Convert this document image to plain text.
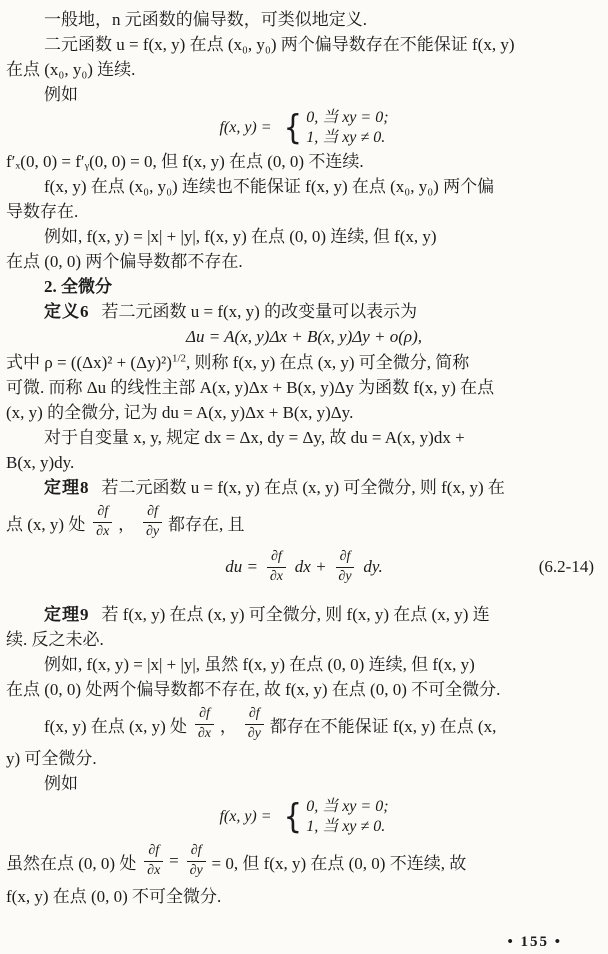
一般地，n 元函数的偏导数，可类似地定义.

二元函数 u = f(x, y) 在点 (x₀, y₀) 两个偏导数存在不能保证 f(x, y)

在点 (x₀, y₀) 连续.

例如

f(x, y) = { 0, 当 xy = 0;
1, 当 xy ≠ 0.

f′ₓ(0, 0) = f′ᵧ(0, 0) = 0, 但 f(x, y) 在点 (0, 0) 不连续.

f(x, y) 在点 (x₀, y₀) 连续也不能保证 f(x, y) 在点 (x₀, y₀) 两个偏

导数存在.

例如, f(x, y) = |x| + |y|, f(x, y) 在点 (0, 0) 连续, 但 f(x, y)

在点 (0, 0) 两个偏导数都不存在.

2. 全微分

定义6 若二元函数 u = f(x, y) 的改变量可以表示为

Δu = A(x, y)Δx + B(x, y)Δy + o(ρ),

式中 $\rho = ((\Delta x)^2 + (\Delta y)^2)^{1/2}$, 则称 f(x, y) 在点 (x, y) 可全微分, 简称

可微. 而称 Δu 的线性主部 A(x, y)Δx + B(x, y)Δy 为函数 f(x, y) 在点

(x, y) 的全微分, 记为 du = A(x, y)Δx + B(x, y)Δy.

对于自变量 x, y, 规定 dx = Δx, dy = Δy, 故 du = A(x, y)dx +

B(x, y)dy.

定理8 若二元函数 u = f(x, y) 在点 (x, y) 可全微分, 则 f(x, y) 在

点 (x, y) 处 $\frac{\partial f}{\partial x}$ ， $\frac{\partial f}{\partial y}$ 都存在, 且
du = $\frac{\partial f}{\partial x}$ dx + $\frac{\partial f}{\partial y}$ dy.	(6.2-14)

定理9 若 f(x, y) 在点 (x, y) 可全微分, 则 f(x, y) 在点 (x, y) 连

续. 反之未必.

例如, f(x, y) = |x| + |y|, 虽然 f(x, y) 在点 (0, 0) 连续, 但 f(x, y)

在点 (0, 0) 处两个偏导数都不存在, 故 f(x, y) 在点 (0, 0) 不可全微分.

f(x, y) 在点 (x, y) 处 $\frac{\partial f}{\partial x}$ ， $\frac{\partial f}{\partial y}$ 都存在不能保证 f(x, y) 在点 (x,

y) 可全微分.

例如

f(x, y) = { 0, 当 xy = 0;
1, 当 xy ≠ 0.
虽然在点 (0, 0) 处 $\frac{\partial f}{\partial x} = \frac{\partial f}{\partial y} = 0$, 但 f(x, y) 在点 (0, 0) 不连续, 故

f(x, y) 在点 (0, 0) 不可全微分.

• 155 •
